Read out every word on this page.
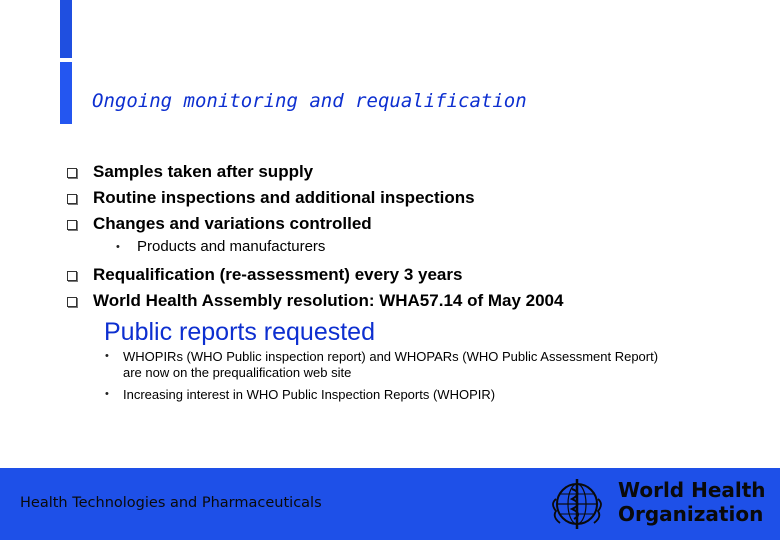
Ongoing monitoring and requalification
Samples taken after supply
Routine inspections and additional inspections
Changes and variations controlled
• Products and manufacturers
Requalification (re-assessment) every 3 years
World Health Assembly resolution: WHA57.14 of May 2004
Public reports requested
• WHOPIRs (WHO Public inspection report) and WHOPARs (WHO Public Assessment Report) are now on the prequalification web site
• Increasing interest in WHO Public Inspection Reports (WHOPIR)
Health Technologies and Pharmaceuticals
World Health
Organization
